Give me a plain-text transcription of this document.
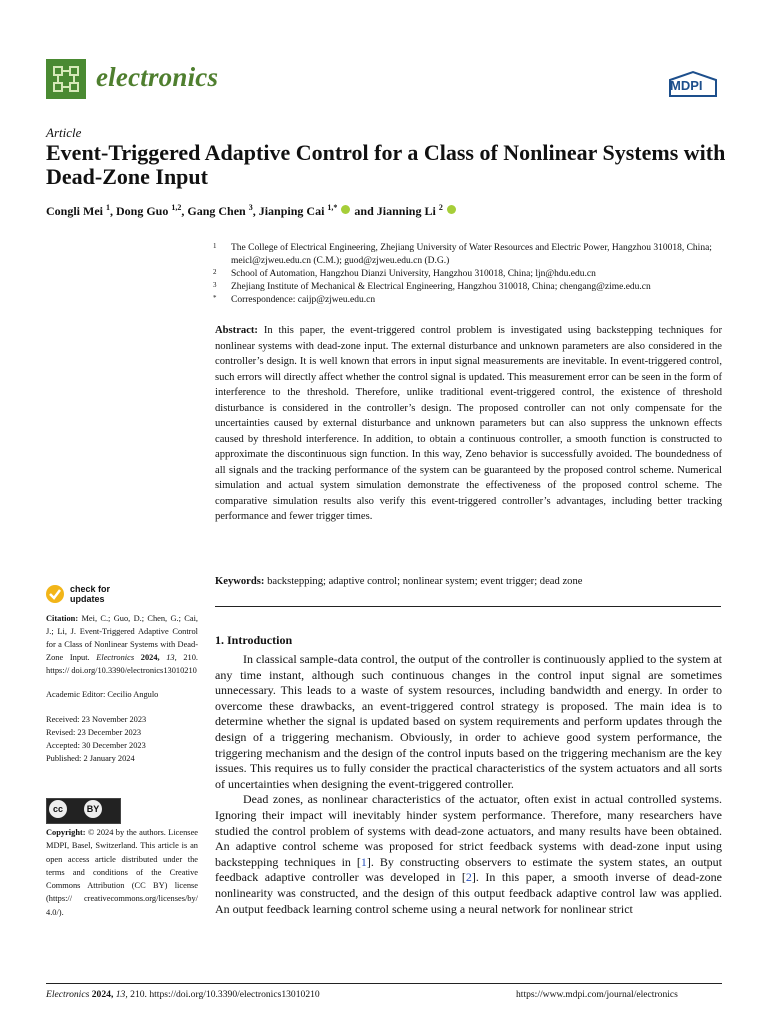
electronics	MDPI
Article
Event-Triggered Adaptive Control for a Class of Nonlinear Systems with Dead-Zone Input
Congli Mei $^1$, Dong Guo $^{1,2}$, Gang Chen $^3$, Jianping Cai $^{1,*}$  and Jianning Li $^2$
1 The College of Electrical Engineering, Zhejiang University of Water Resources and Electric Power, Hangzhou 310018, China; meicl@zjweu.edu.cn (C.M.); guod@zjweu.edu.cn (D.G.)
2 School of Automation, Hangzhou Dianzi University, Hangzhou 310018, China; ljn@hdu.edu.cn
3 Zhejiang Institute of Mechanical & Electrical Engineering, Hangzhou 310018, China; chengang@zime.edu.cn
* Correspondence: caijp@zjweu.edu.cn
Abstract: In this paper, the event-triggered control problem is investigated using backstepping techniques for nonlinear systems with dead-zone input. The external disturbance and unknown parameters are also considered in the controller’s design. It is well known that errors in input signal measurements are inevitable. In event-triggered control, such errors will directly affect whether the control signal is updated. This measurement error can be seen in the form of interference to the threshold. Therefore, unlike traditional event-triggered control, the existence of threshold disturbance is considered in the controller’s design. The proposed controller can not only compensate for the uncertainties caused by external disturbance and unknown parameters but can also suppress the unknown effects caused by threshold interference. In addition, to obtain a continuous controller, a smooth function is constructed to approximate the discontinuous sign function. In this way, Zeno behavior is successfully avoided. The boundedness of all signals and the tracking performance of the system can be guaranteed by the proposed control scheme. Numerical simulation and actual system simulation demonstrate the effectiveness of the proposed control scheme. The comparative simulation results also verify this event-triggered controller’s advantages, including better tracking performance and fewer trigger times.
Keywords: backstepping; adaptive control; nonlinear system; event trigger; dead zone
check for updates

Citation: Mei, C.; Guo, D.; Chen, G.; Cai, J.; Li, J. Event-Triggered Adaptive Control for a Class of Nonlinear Systems with Dead-Zone Input. Electronics 2024, 13, 210. https:// doi.org/10.3390/electronics13010210

Academic Editor: Cecilio Angulo

Received: 23 November 2023

Revised: 23 December 2023

Accepted: 30 December 2023

Published: 2 January 2024

cc	BY
Copyright: © 2024 by the authors. Licensee MDPI, Basel, Switzerland. This article is an open access article distributed under the terms and conditions of the Creative Commons Attribution (CC BY) license (https:// creativecommons.org/licenses/by/ 4.0/).
1. Introduction

In classical sample-data control, the output of the controller is continuously applied to the system at any time instant, although such continuous changes in the control input signal are sometimes unnecessary. This leads to a waste of system resources, including bandwidth and energy. In order to overcome these drawbacks, an event-triggered control strategy is proposed. The main idea is to determine whether the signal is updated based on system requirements and perform updates through the design of a triggering mechanism. Obviously, in order to achieve good system performance, the triggering mechanism and the design of the control inputs based on the triggering mechanism are the key issues. This requires us to fully consider the practical characteristics of the system actuators and all sorts of uncertainties when designing the event-triggered controller.

Dead zones, as nonlinear characteristics of the actuator, often exist in actual controlled systems. Ignoring their impact will inevitably hinder system performance. Therefore, many researchers have studied the control problem of systems with dead-zone actuators, and many results have been obtained. An adaptive control scheme was proposed for strict feedback systems with dead-zone input using backstepping techniques in [1]. By constructing observers to estimate the system states, an output feedback adaptive controller was developed in [2]. In this paper, a smooth inverse of dead-zone nonlinearity was constructed, and the design of this output feedback adaptive control law was applied. An output feedback learning control scheme using a neural network for nonlinear strict

Electronics 2024, 13, 210. https://doi.org/10.3390/electronics13010210	https://www.mdpi.com/journal/electronics
